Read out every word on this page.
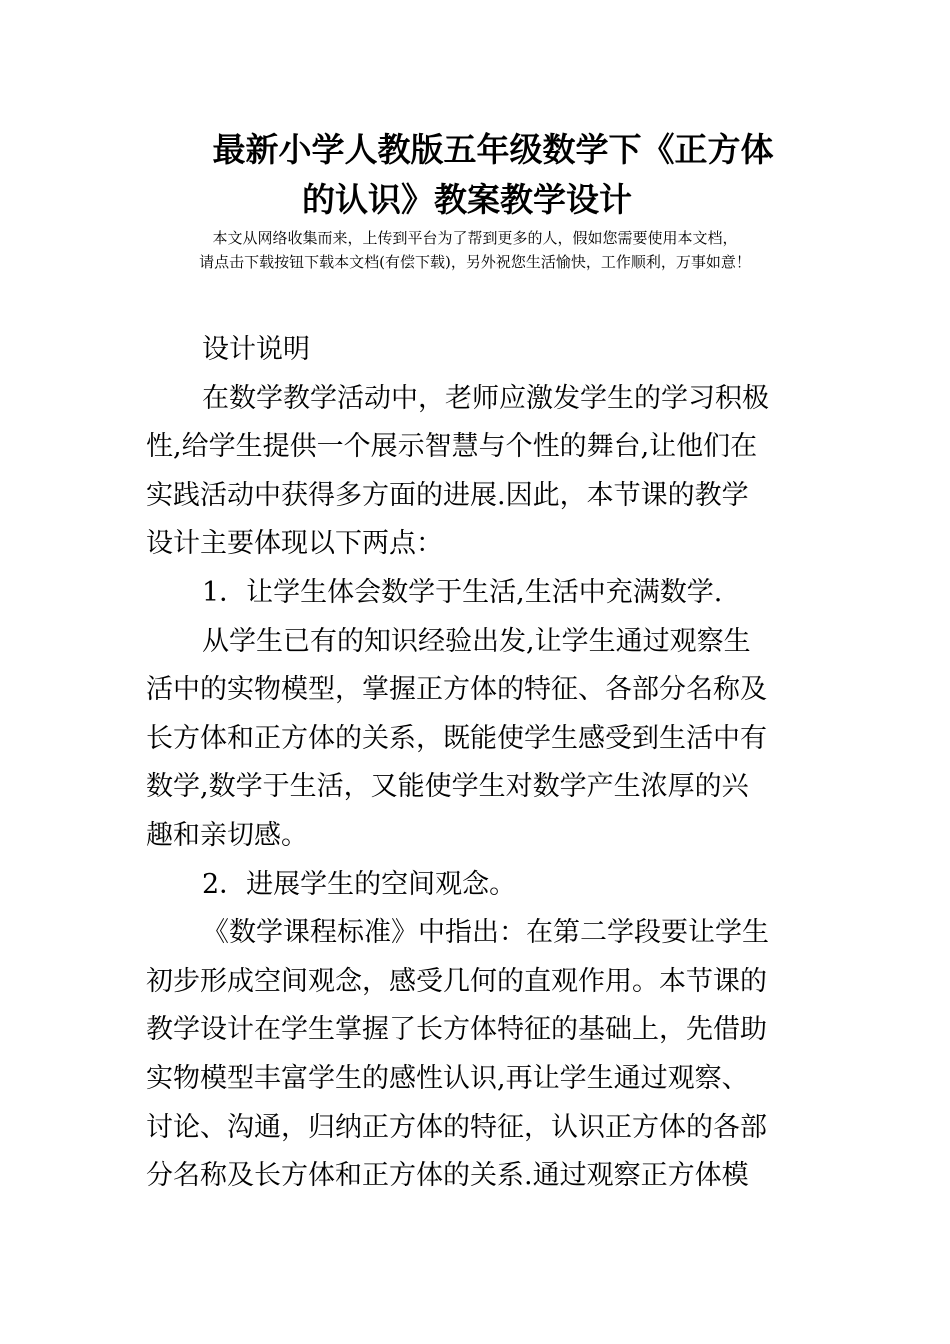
最新小学人教版五年级数学下《正方体
的认识》教案教学设计
本文从网络收集而来，上传到平台为了帮到更多的人，假如您需要使用本文档，
请点击下载按钮下载本文档(有偿下载)，另外祝您生活愉快，工作顺利，万事如意！
设计说明
在数学教学活动中，老师应激发学生的学习积极
性,给学生提供一个展示智慧与个性的舞台,让他们在
实践活动中获得多方面的进展.因此，本节课的教学
设计主要体现以下两点：
1．让学生体会数学于生活,生活中充满数学.
从学生已有的知识经验出发,让学生通过观察生
活中的实物模型，掌握正方体的特征、各部分名称及
长方体和正方体的关系，既能使学生感受到生活中有
数学,数学于生活，又能使学生对数学产生浓厚的兴
趣和亲切感。
2．进展学生的空间观念。
《数学课程标准》中指出：在第二学段要让学生
初步形成空间观念，感受几何的直观作用。本节课的
教学设计在学生掌握了长方体特征的基础上，先借助
实物模型丰富学生的感性认识,再让学生通过观察、
讨论、沟通，归纳正方体的特征，认识正方体的各部
分名称及长方体和正方体的关系.通过观察正方体模
